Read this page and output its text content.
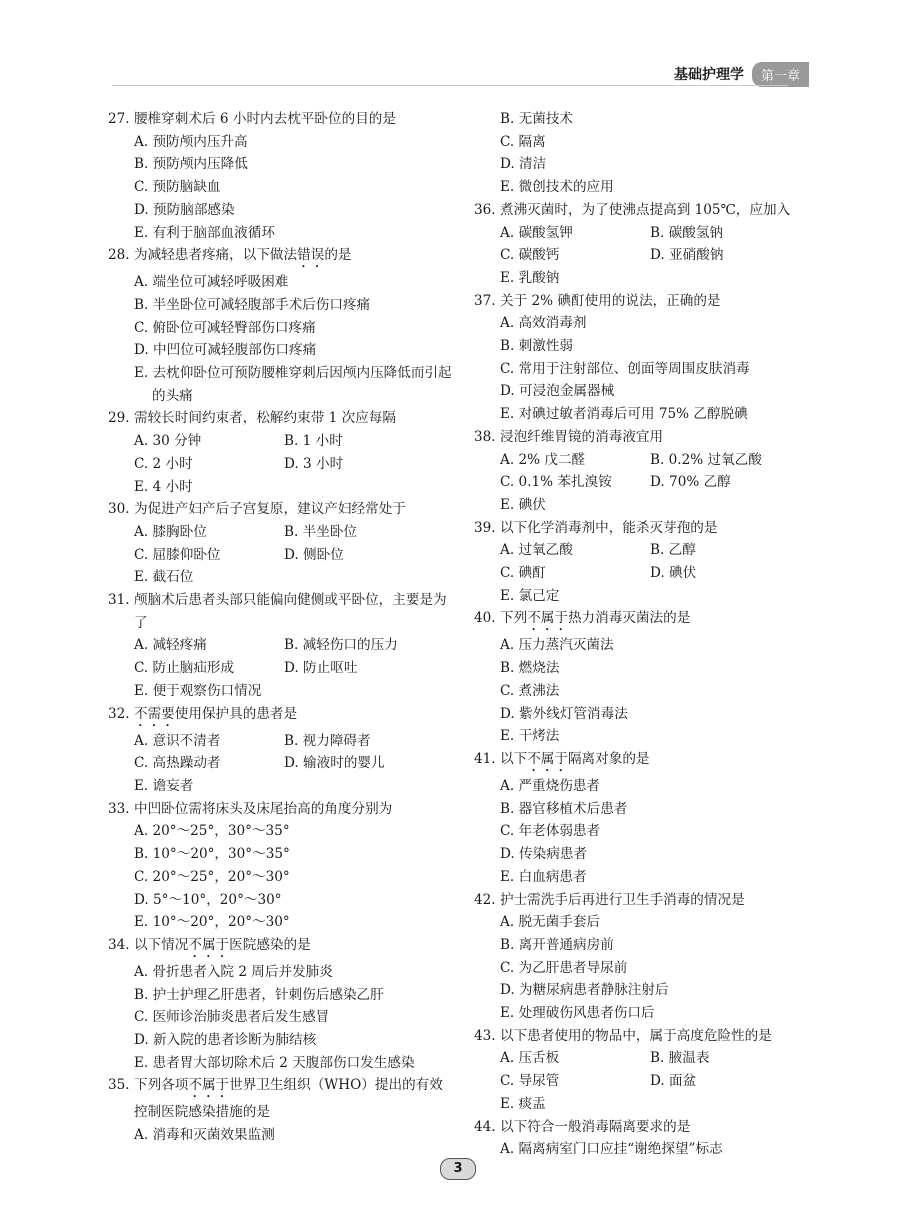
基础护理学	第一章
27. 腰椎穿刺术后 6 小时内去枕平卧位的目的是
A. 预防颅内压升高
B. 预防颅内压降低
C. 预防脑缺血
D. 预防脑部感染
E. 有利于脑部血液循环
28. 为减轻患者疼痛，以下做法错误的是
A. 端坐位可减轻呼吸困难
B. 半坐卧位可减轻腹部手术后伤口疼痛
C. 俯卧位可减轻臀部伤口疼痛
D. 中凹位可减轻腹部伤口疼痛
E. 去枕仰卧位可预防腰椎穿刺后因颅内压降低而引起的头痛
29. 需较长时间约束者，松解约束带 1 次应每隔
A. 30 分钟	B. 1 小时
C. 2 小时	D. 3 小时
E. 4 小时
30. 为促进产妇产后子宫复原，建议产妇经常处于
A. 膝胸卧位	B. 半坐卧位
C. 屈膝仰卧位	D. 侧卧位
E. 截石位
31. 颅脑术后患者头部只能偏向健侧或平卧位，主要是为了
A. 减轻疼痛	B. 减轻伤口的压力
C. 防止脑疝形成	D. 防止呕吐
E. 便于观察伤口情况
32. 不需要使用保护具的患者是
A. 意识不清者	B. 视力障碍者
C. 高热躁动者	D. 输液时的婴儿
E. 谵妄者
33. 中凹卧位需将床头及床尾抬高的角度分别为
A. 20°～25°，30°～35°
B. 10°～20°，30°～35°
C. 20°～25°，20°～30°
D. 5°～10°，20°～30°
E. 10°～20°，20°～30°
34. 以下情况不属于医院感染的是
A. 骨折患者入院 2 周后并发肺炎
B. 护士护理乙肝患者，针刺伤后感染乙肝
C. 医师诊治肺炎患者后发生感冒
D. 新入院的患者诊断为肺结核
E. 患者胃大部切除术后 2 天腹部伤口发生感染
35. 下列各项不属于世界卫生组织（WHO）提出的有效控制医院感染措施的是
A. 消毒和灭菌效果监测
B. 无菌技术
C. 隔离
D. 清洁
E. 微创技术的应用
36. 煮沸灭菌时，为了使沸点提高到 105℃，应加入
A. 碳酸氢钾	B. 碳酸氢钠
C. 碳酸钙	D. 亚硝酸钠
E. 乳酸钠
37. 关于 2% 碘酊使用的说法，正确的是
A. 高效消毒剂
B. 刺激性弱
C. 常用于注射部位、创面等周围皮肤消毒
D. 可浸泡金属器械
E. 对碘过敏者消毒后可用 75% 乙醇脱碘
38. 浸泡纤维胃镜的消毒液宜用
A. 2% 戊二醛	B. 0.2% 过氧乙酸
C. 0.1% 苯扎溴铵	D. 70% 乙醇
E. 碘伏
39. 以下化学消毒剂中，能杀灭芽孢的是
A. 过氧乙酸	B. 乙醇
C. 碘酊	D. 碘伏
E. 氯己定
40. 下列不属于热力消毒灭菌法的是
A. 压力蒸汽灭菌法
B. 燃烧法
C. 煮沸法
D. 紫外线灯管消毒法
E. 干烤法
41. 以下不属于隔离对象的是
A. 严重烧伤患者
B. 器官移植术后患者
C. 年老体弱患者
D. 传染病患者
E. 白血病患者
42. 护士需洗手后再进行卫生手消毒的情况是
A. 脱无菌手套后
B. 离开普通病房前
C. 为乙肝患者导尿前
D. 为糖尿病患者静脉注射后
E. 处理破伤风患者伤口后
43. 以下患者使用的物品中，属于高度危险性的是
A. 压舌板	B. 腋温表
C. 导尿管	D. 面盆
E. 痰盂
44. 以下符合一般消毒隔离要求的是
A. 隔离病室门口应挂“谢绝探望”标志
3
